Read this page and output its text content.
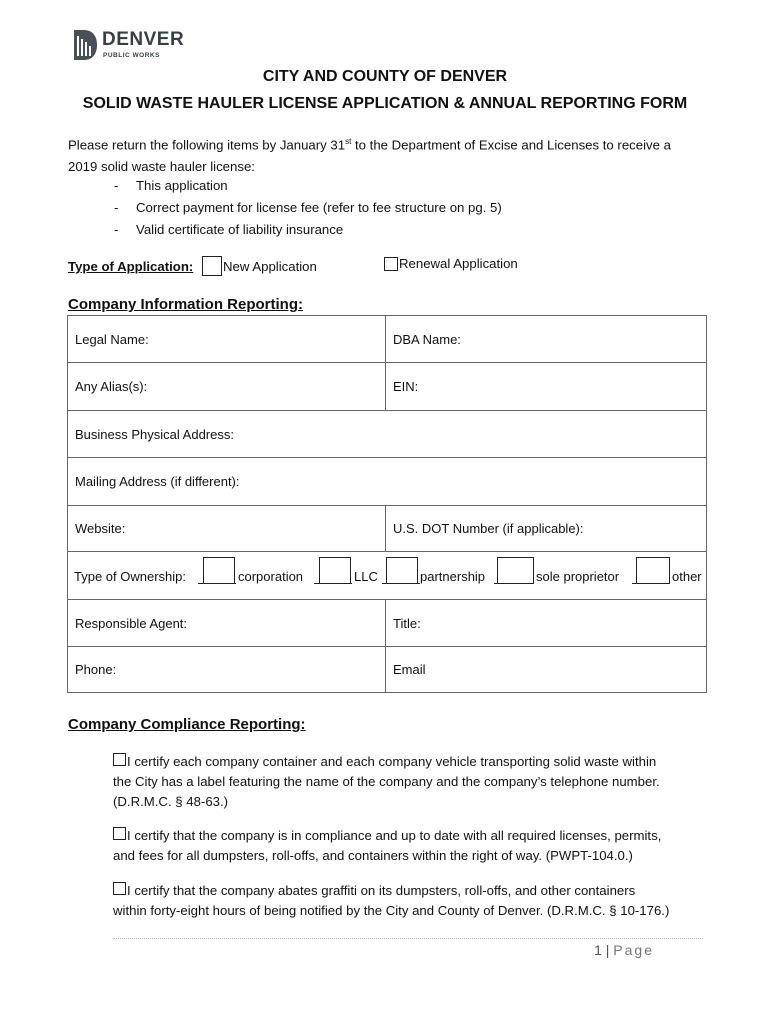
DENVER
PUBLIC WORKS
CITY AND COUNTY OF DENVER
SOLID WASTE HAULER LICENSE APPLICATION & ANNUAL REPORTING FORM
Please return the following items by January 31st to the Department of Excise and Licenses to receive a
2019 solid waste hauler license:
- This application
- Correct payment for license fee (refer to fee structure on pg. 5)
- Valid certificate of liability insurance
Type of Application: New Application	Renewal Application
Company Information Reporting:
Legal Name:	DBA Name:
Any Alias(s):	EIN:
Business Physical Address:
Mailing Address (if different):
Website:	U.S. DOT Number (if applicable):
Type of Ownership:	corporation	LLC	partnership	sole proprietor	other
Responsible Agent:	Title:
Phone:	Email
Company Compliance Reporting:
I certify each company container and each company vehicle transporting solid waste within
the City has a label featuring the name of the company and the company’s telephone number.
(D.R.M.C. § 48-63.)
I certify that the company is in compliance and up to date with all required licenses, permits,
and fees for all dumpsters, roll-offs, and containers within the right of way. (PWPT-104.0.)
I certify that the company abates graffiti on its dumpsters, roll-offs, and other containers
within forty-eight hours of being notified by the City and County of Denver. (D.R.M.C. § 10-176.)
1 | Page
